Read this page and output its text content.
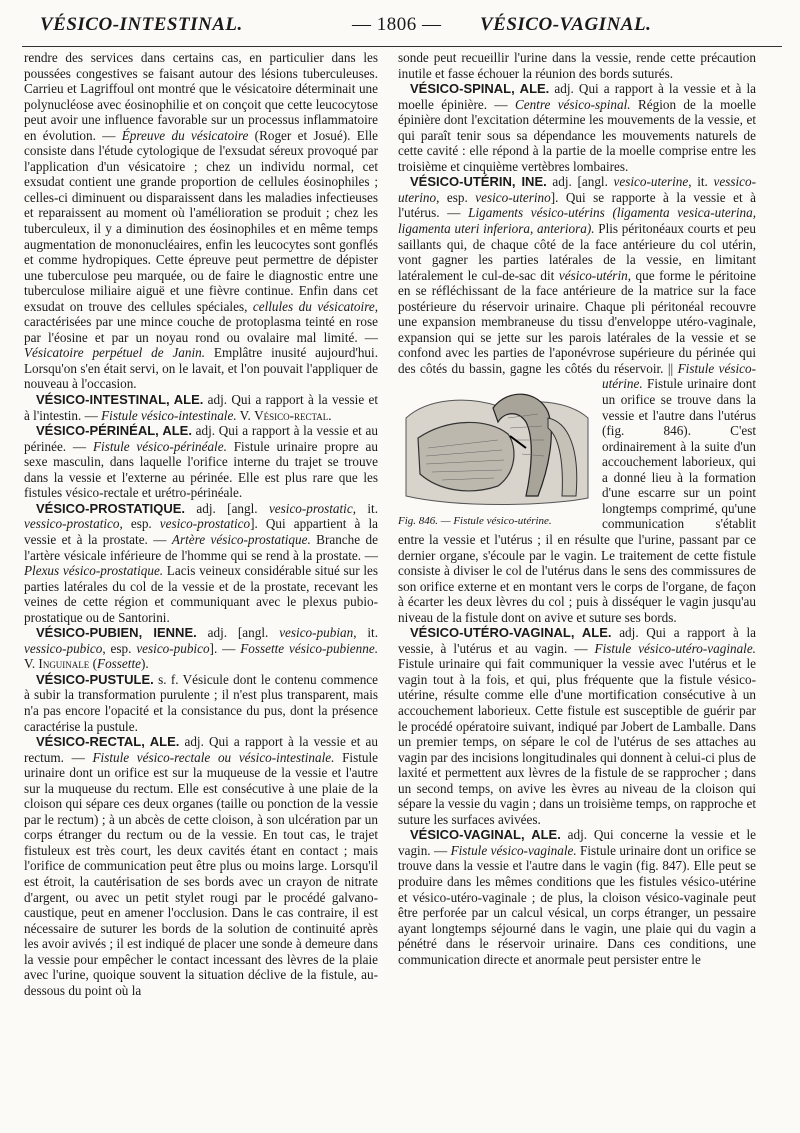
VÉSICO-INTESTINAL.	— 1806 — VÉSICO-VAGINAL.

rendre des services dans certains cas, en particulier dans les poussées congestives se faisant autour des lésions tuberculeuses. Carrieu et Lagriffoul ont montré que le vésicatoire déterminait une polynucléose avec éosinophilie et on conçoit que cette leucocytose peut avoir une influence favorable sur un processus inflammatoire en évolution. — Épreuve du vésicatoire (Roger et Josué). Elle consiste dans l'étude cytologique de l'exsudat séreux provoqué par l'application d'un vésicatoire ; chez un individu normal, cet exsudat contient une grande proportion de cellules éosinophiles ; celles-ci diminuent ou disparaissent dans les maladies infectieuses et reparaissent au moment où l'amélioration se produit ; chez les tuberculeux, il y a diminution des éosinophiles et en même temps augmentation de mononucléaires, enfin les leucocytes sont gonflés et comme hydropiques. Cette épreuve peut permettre de dépister une tuberculose peu marquée, ou de faire le diagnostic entre une tuberculose miliaire aiguë et une fièvre continue. Enfin dans cet exsudat on trouve des cellules spéciales, cellules du vésicatoire, caractérisées par une mince couche de protoplasma teinté en rose par l'éosine et par un noyau rond ou ovalaire mal limité. — Vésicatoire perpétuel de Janin. Emplâtre inusité aujourd'hui. Lorsqu'on s'en était servi, on le lavait, et l'on pouvait l'appliquer de nouveau à l'occasion.

VÉSICO-INTESTINAL, ALE. adj. Qui a rapport à la vessie et à l'intestin. — Fistule vésico-intestinale. V. Vésico-rectal.

VÉSICO-PÉRINÉAL, ALE. adj. Qui a rapport à la vessie et au périnée. — Fistule vésico-périnéale. Fistule urinaire propre au sexe masculin, dans laquelle l'orifice interne du trajet se trouve dans la vessie et l'externe au périnée. Elle est plus rare que les fistules vésico-rectale et urétro-périnéale.

VÉSICO-PROSTATIQUE. adj. [angl. vesico-prostatic, it. vessico-prostatico, esp. vesico-prostatico]. Qui appartient à la vessie et à la prostate. — Artère vésico-prostatique. Branche de l'artère vésicale inférieure de l'homme qui se rend à la prostate. — Plexus vésico-prostatique. Lacis veineux considérable situé sur les parties latérales du col de la vessie et de la prostate, recevant les veines de cette région et communiquant avec le plexus pubio-prostatique ou de Santorini.

VÉSICO-PUBIEN, IENNE. adj. [angl. vesico-pubian, it. vessico-pubico, esp. vesico-pubico]. — Fossette vésico-pubienne. V. Inguinale (Fossette).

VÉSICO-PUSTULE. s. f. Vésicule dont le contenu commence à subir la transformation purulente ; il n'est plus transparent, mais n'a pas encore l'opacité et la consistance du pus, dont la présence caractérise la pustule.

VÉSICO-RECTAL, ALE. adj. Qui a rapport à la vessie et au rectum. — Fistule vésico-rectale ou vésico-intestinale. Fistule urinaire dont un orifice est sur la muqueuse de la vessie et l'autre sur la muqueuse du rectum. Elle est consécutive à une plaie de la cloison qui sépare ces deux organes (taille ou ponction de la vessie par le rectum) ; à un abcès de cette cloison, à son ulcération par un corps étranger du rectum ou de la vessie. En tout cas, le trajet fistuleux est très court, les deux cavités étant en contact ; mais l'orifice de communication peut être plus ou moins large. Lorsqu'il est étroit, la cautérisation de ses bords avec un crayon de nitrate d'argent, ou avec un petit stylet rougi par le procédé galvano-caustique, peut en amener l'occlusion. Dans le cas contraire, il est nécessaire de suturer les bords de la solution de continuité après les avoir avivés ; il est indiqué de placer une sonde à demeure dans la vessie pour empêcher le contact incessant des lèvres de la plaie avec l'urine, quoique souvent la situation déclive de la fistule, au-dessous du point où la

sonde peut recueillir l'urine dans la vessie, rende cette précaution inutile et fasse échouer la réunion des bords suturés.

VÉSICO-SPINAL, ALE. adj. Qui a rapport à la vessie et à la moelle épinière. — Centre vésico-spinal. Région de la moelle épinière dont l'excitation détermine les mouvements de la vessie, et qui paraît tenir sous sa dépendance les mouvements naturels de cette cavité : elle répond à la partie de la moelle comprise entre les troisième et cinquième vertèbres lombaires.

VÉSICO-UTÉRIN, INE. adj. [angl. vesico-uterine, it. vessico-uterino, esp. vesico-uterino]. Qui se rapporte à la vessie et à l'utérus. — Ligaments vésico-utérins (ligamenta vesica-uterina, ligamenta uteri inferiora, anteriora). Plis péritonéaux courts et peu saillants qui, de chaque côté de la face antérieure du col utérin, vont gagner les parties latérales de la vessie, en limitant latéralement le cul-de-sac dit vésico-utérin, que forme le péritoine en se réfléchissant de la face antérieure de la matrice sur la face postérieure du réservoir urinaire. Chaque pli péritonéal recouvre une expansion membraneuse du tissu d'enveloppe utéro-vaginale, expansion qui se jette sur les parois latérales de la vessie et se confond avec les parties de l'aponévrose supérieure du périnée qui des côtés du bassin, gagne les côtés du réservoir. ||
Fig. 846. — Fistule vésico-utérine.
Fistule vésico-utérine. Fistule urinaire dont un orifice se trouve dans la vessie et l'autre dans l'utérus (fig. 846). C'est ordinairement à la suite d'un accouchement laborieux, qui a donné lieu à la formation d'une escarre sur un point longtemps comprimé, qu'une communication s'établit entre la vessie et l'utérus ; il en résulte que l'urine, passant par ce dernier organe, s'écoule par le vagin. Le traitement de cette fistule consiste à diviser le col de l'utérus dans le sens des commissures de son orifice externe et en montant vers le corps de l'organe, de façon à écarter les deux lèvres du col ; puis à disséquer le vagin jusqu'au niveau de la fistule dont on avive et suture ses bords.

VÉSICO-UTÉRO-VAGINAL, ALE. adj. Qui a rapport à la vessie, à l'utérus et au vagin. — Fistule vésico-utéro-vaginale. Fistule urinaire qui fait communiquer la vessie avec l'utérus et le vagin tout à la fois, et qui, plus fréquente que la fistule vésico-utérine, résulte comme elle d'une mortification consécutive à un accouchement laborieux. Cette fistule est susceptible de guérir par le procédé opératoire suivant, indiqué par Jobert de Lamballe. Dans un premier temps, on sépare le col de l'utérus de ses attaches au vagin par des incisions longitudinales qui donnent à celui-ci plus de laxité et permettent aux lèvres de la fistule de se rapprocher ; dans un second temps, on avive les èvres au niveau de la cloison qui sépare la vessie du vagin ; dans un troisième temps, on rapproche et suture les surfaces avivées.

VÉSICO-VAGINAL, ALE. adj. Qui concerne la vessie et le vagin. — Fistule vésico-vaginale. Fistule urinaire dont un orifice se trouve dans la vessie et l'autre dans le vagin (fig. 847). Elle peut se produire dans les mêmes conditions que les fistules vésico-utérine et vésico-utéro-vaginale ; de plus, la cloison vésico-vaginale peut être perforée par un calcul vésical, un corps étranger, un pessaire ayant longtemps séjourné dans le vagin, une plaie qui du vagin a pénétré dans le réservoir urinaire. Dans ces conditions, une communication directe et anormale peut persister entre le
